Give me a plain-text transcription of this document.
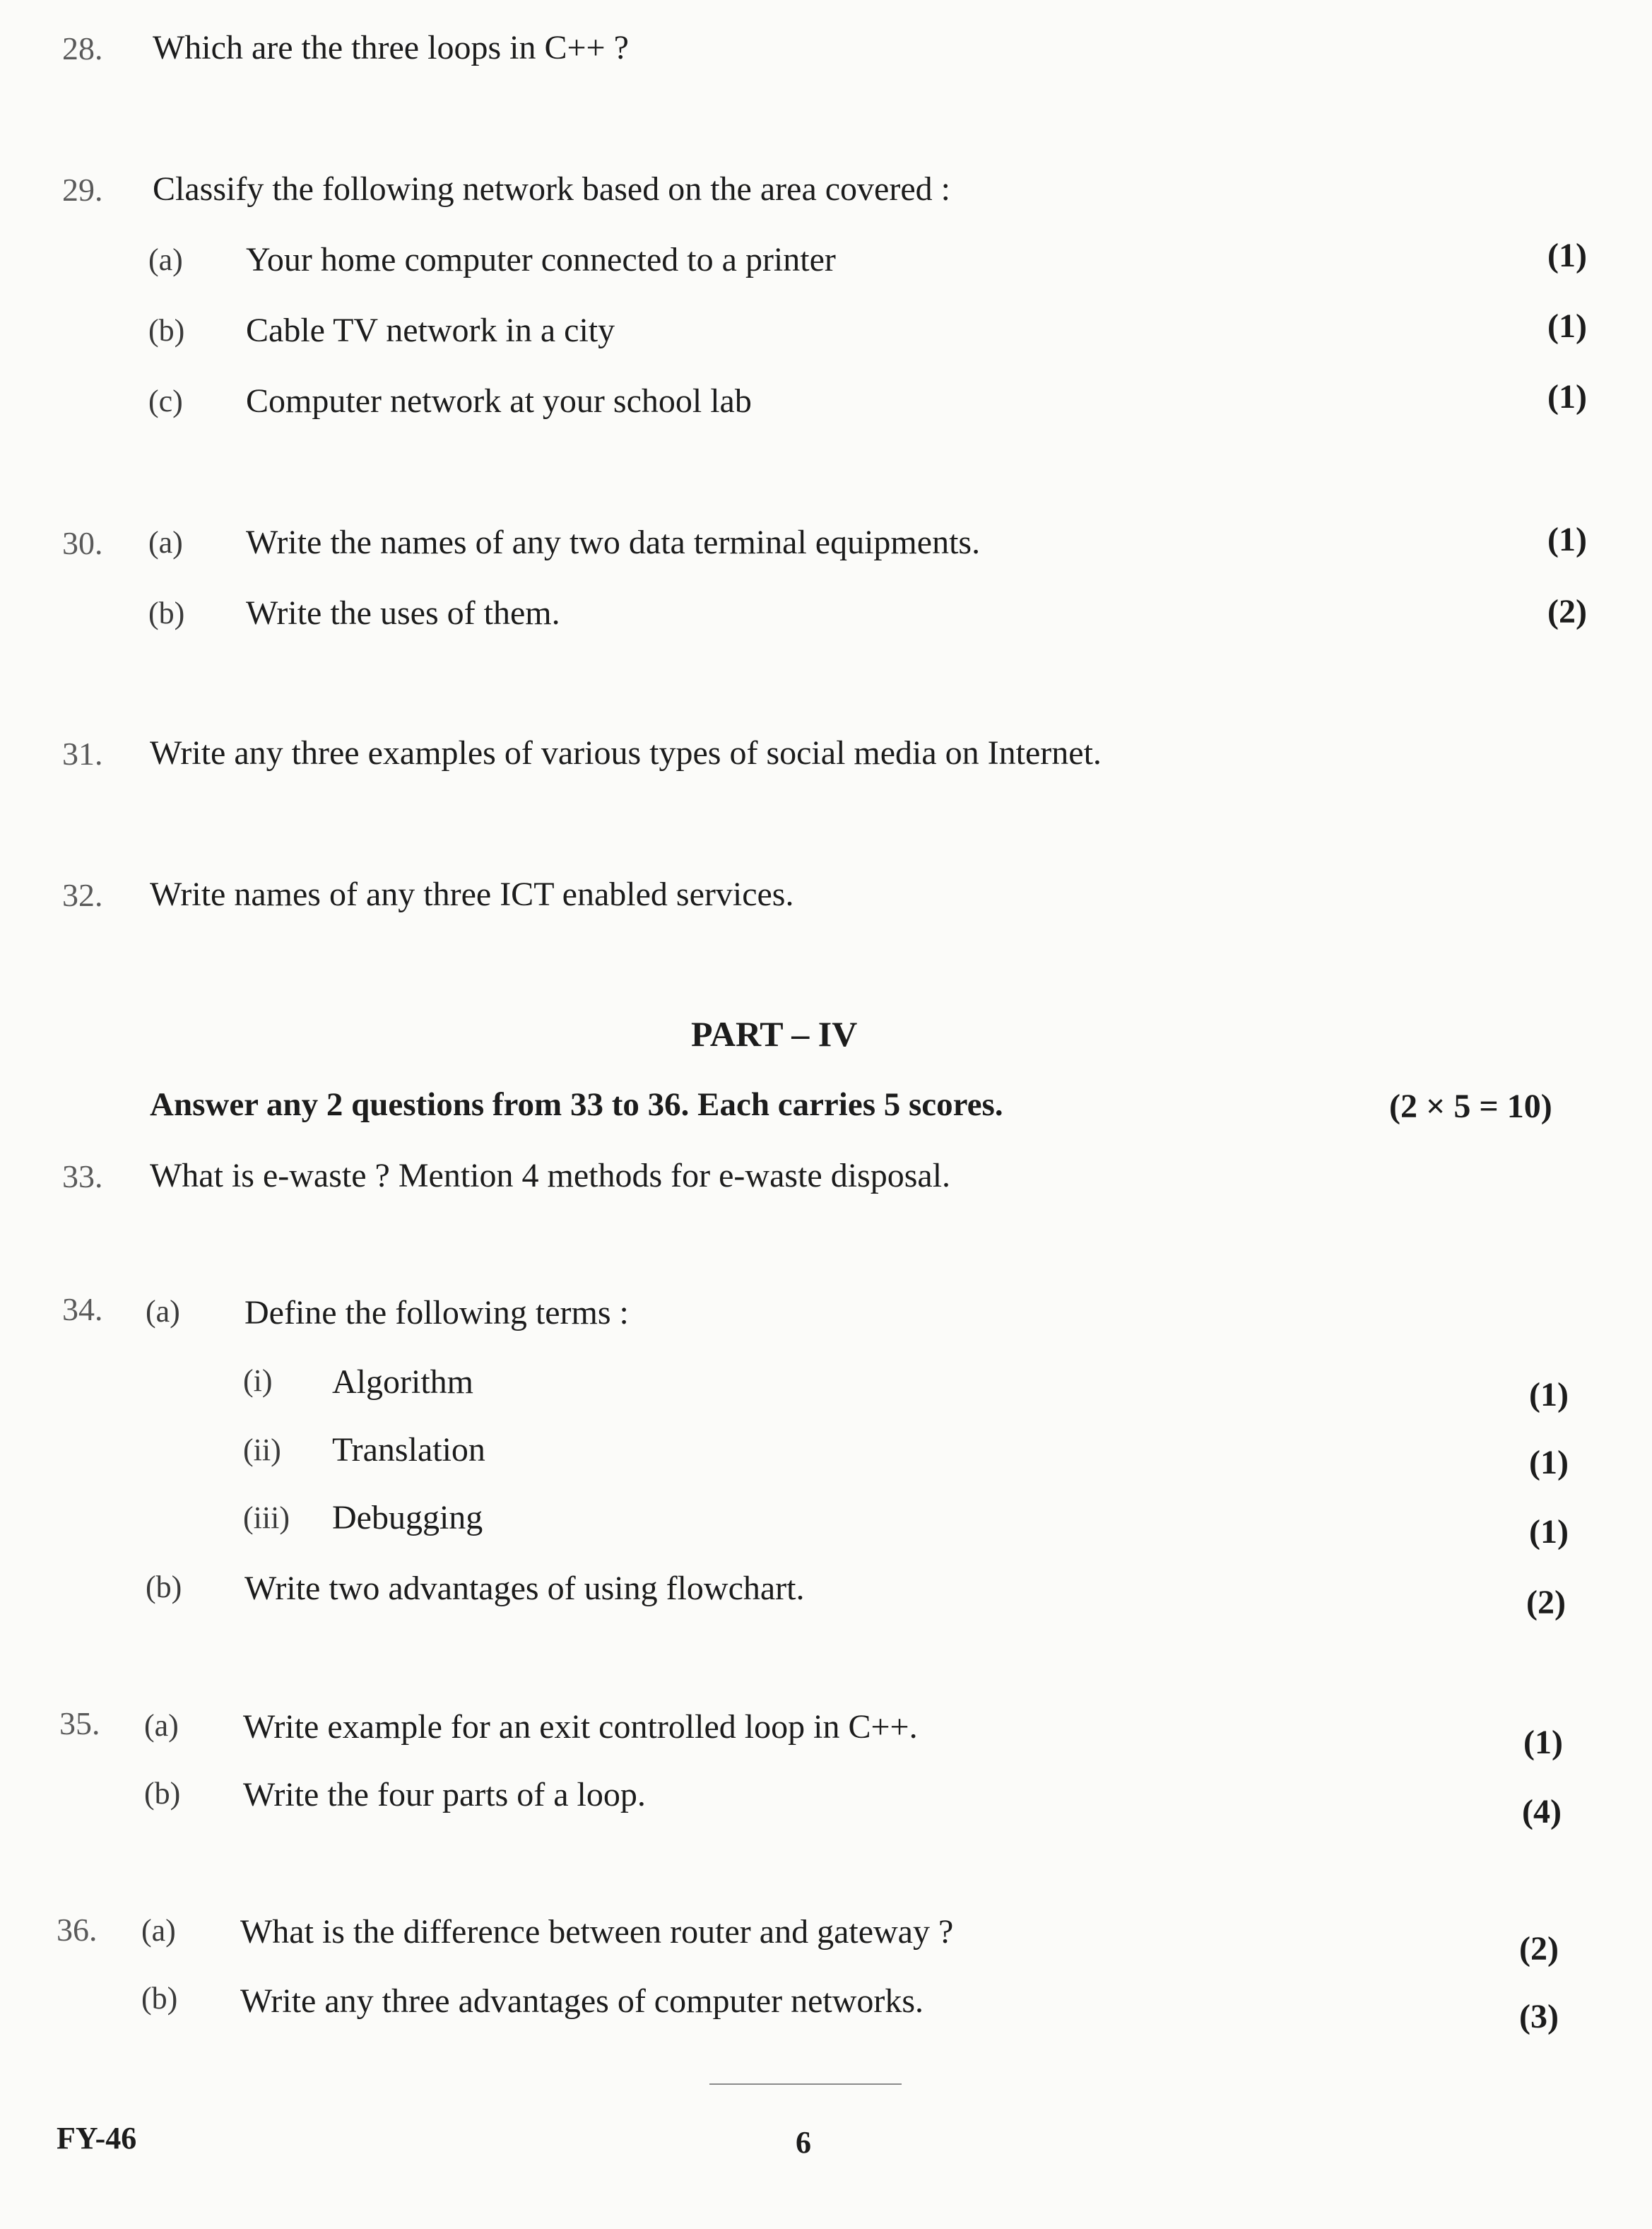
28. Which are the three loops in C++ ?
29. Classify the following network based on the area covered :
(a) Your home computer connected to a printer	(1)
(b) Cable TV network in a city	(1)
(c) Computer network at your school lab	(1)
30. (a) Write the names of any two data terminal equipments.	(1)
(b) Write the uses of them.	(2)
31. Write any three examples of various types of social media on Internet.
32. Write names of any three ICT enabled services.
PART – IV
Answer any 2 questions from 33 to 36. Each carries 5 scores.	(2 × 5 = 10)
33. What is e-waste ? Mention 4 methods for e-waste disposal.
34. (a) Define the following terms :
(i) Algorithm	(1)
(ii) Translation	(1)
(iii) Debugging	(1)
(b) Write two advantages of using flowchart.	(2)
35. (a) Write example for an exit controlled loop in C++.	(1)
(b) Write the four parts of a loop.	(4)
36. (a) What is the difference between router and gateway ?	(2)
(b) Write any three advantages of computer networks.	(3)
FY-46	6
